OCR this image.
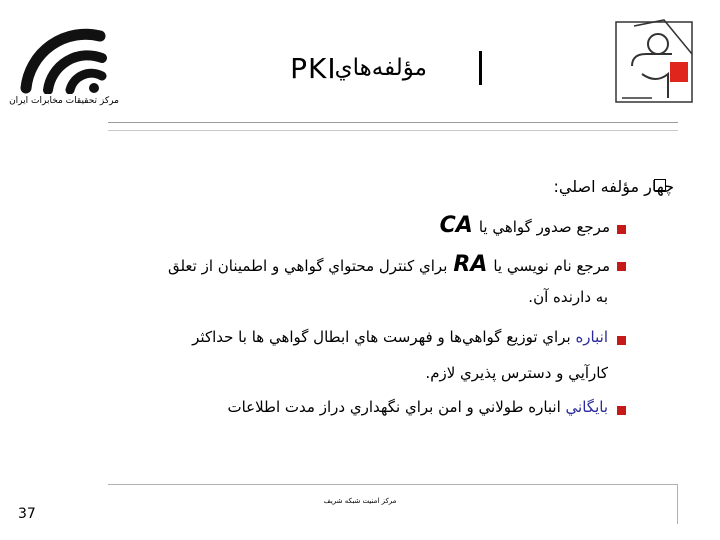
مرکز تحقیقات مخابرات ایران
PKI
مؤلفه‌هاي
چهار مؤلفه اصلي:
مرجع صدور گواهي ياCA
مرجع نام نويسي ياRAبراي كنترل محتواي گواهي و اطمينان از تعلق
به دارنده آن.
انباره براي توزيع گواهي‌ها و فهرست هاي ابطال گواهي ها با حداكثر
كارآيي و دسترس پذيري لازم.
بايگاني انباره طولاني و امن براي نگهداري دراز مدت اطلاعات
مرکز امنیت شبکه شریف
37
